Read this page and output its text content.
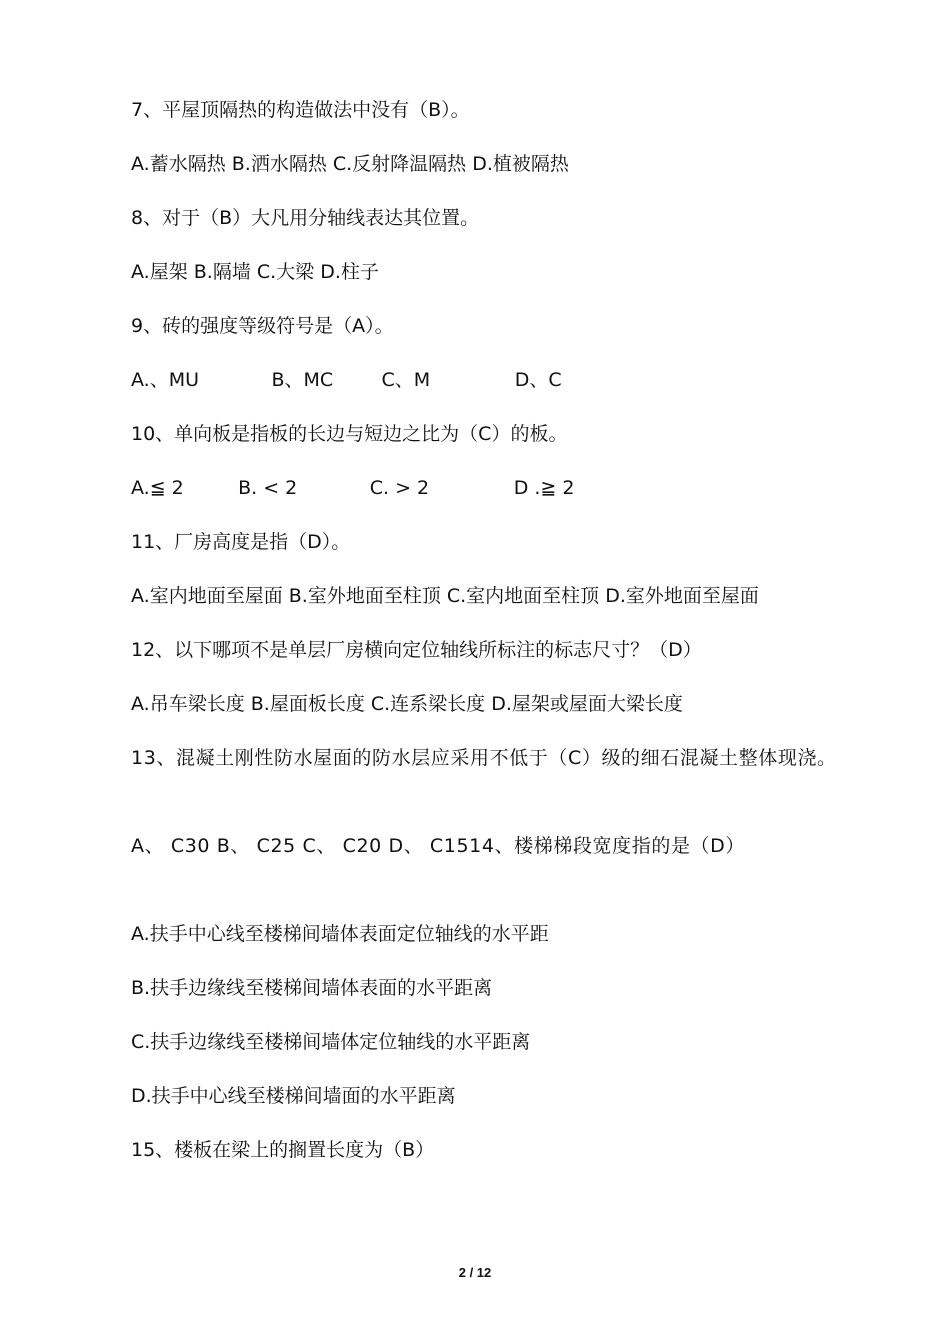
7、平屋顶隔热的构造做法中没有（B）。
A.蓄水隔热 B.洒水隔热 C.反射降温隔热 D.植被隔热
8、对于（B）大凡用分轴线表达其位置。
A.屋架 B.隔墙 C.大梁 D.柱子
9、砖的强度等级符号是（A）。
A.、MU            B、MC        C、M              D、C
10、单向板是指板的长边与短边之比为（C）的板。
A.≦ 2         B. < 2            C. > 2              D .≧ 2
11、厂房高度是指（D）。
A.室内地面至屋面 B.室外地面至柱顶 C.室内地面至柱顶 D.室外地面至屋面
12、以下哪项不是单层厂房横向定位轴线所标注的标志尺寸？（D）
A.吊车梁长度 B.屋面板长度 C.连系梁长度 D.屋架或屋面大梁长度
13、混凝土刚性防水屋面的防水层应采用不低于（C）级的细石混凝土整体现浇。
A、 C30 B、 C25 C、 C20 D、 C1514、楼梯梯段宽度指的是（D）
A.扶手中心线至楼梯间墙体表面定位轴线的水平距
B.扶手边缘线至楼梯间墙体表面的水平距离
C.扶手边缘线至楼梯间墙体定位轴线的水平距离
D.扶手中心线至楼梯间墙面的水平距离
15、楼板在梁上的搁置长度为（B）
2 / 12
